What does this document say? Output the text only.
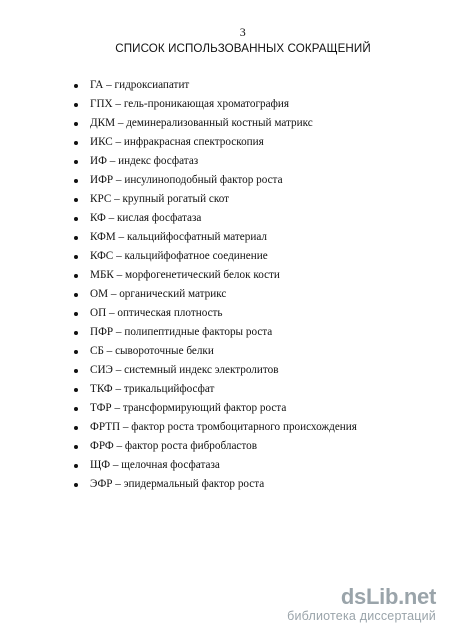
3
СПИСОК ИСПОЛЬЗОВАННЫХ СОКРАЩЕНИЙ
ГА – гидроксиапатит
ГПХ – гель-проникающая хроматография
ДКМ – деминерализованный костный матрикс
ИКС – инфракрасная спектроскопия
ИФ – индекс фосфатаз
ИФР – инсулиноподобный фактор роста
КРС – крупный рогатый скот
КФ – кислая фосфатаза
КФМ – кальцийфосфатный материал
КФС – кальцийфофатное соединение
МБК – морфогенетический белок кости
ОМ – органический матрикс
ОП – оптическая плотность
ПФР – полипептидные факторы роста
СБ – сывороточные белки
СИЭ – системный индекс электролитов
ТКФ – трикальцийфосфат
ТФР – трансформирующий фактор роста
ФРТП – фактор роста тромбоцитарного происхождения
ФРФ – фактор роста фибробластов
ЩФ – щелочная фосфатаза
ЭФР – эпидермальный фактор роста
dsLib.net
библиотека диссертаций
